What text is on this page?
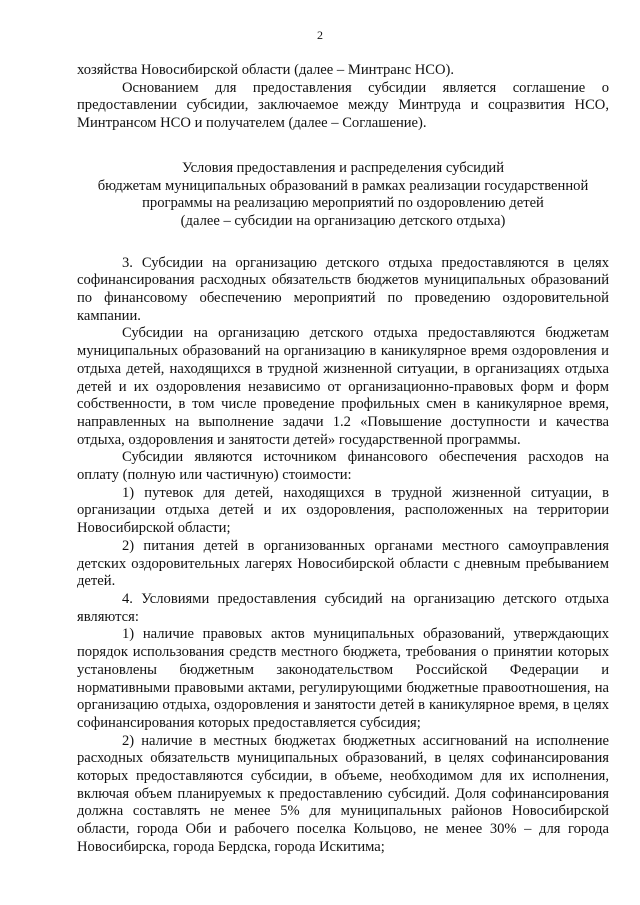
2

хозяйства Новосибирской области (далее – Минтранс НСО).

Основанием для предоставления субсидии является соглашение о предоставлении субсидии, заключаемое между Минтруда и соцразвития НСО, Минтрансом НСО и получателем (далее – Соглашение).

Условия предоставления и распределения субсидий
бюджетам муниципальных образований в рамках реализации государственной
программы на реализацию мероприятий по оздоровлению детей
(далее – субсидии на организацию детского отдыха)

3. Субсидии на организацию детского отдыха предоставляются в целях софинансирования расходных обязательств бюджетов муниципальных образований по финансовому обеспечению мероприятий по проведению оздоровительной кампании.

Субсидии на организацию детского отдыха предоставляются бюджетам муниципальных образований на организацию в каникулярное время оздоровления и отдыха детей, находящихся в трудной жизненной ситуации, в организациях отдыха детей и их оздоровления независимо от организационно-правовых форм и форм собственности, в том числе проведение профильных смен в каникулярное время, направленных на выполнение задачи 1.2 «Повышение доступности и качества отдыха, оздоровления и занятости детей» государственной программы.

Субсидии являются источником финансового обеспечения расходов на оплату (полную или частичную) стоимости:

1) путевок для детей, находящихся в трудной жизненной ситуации, в организации отдыха детей и их оздоровления, расположенных на территории Новосибирской области;

2) питания детей в организованных органами местного самоуправления детских оздоровительных лагерях Новосибирской области с дневным пребыванием детей.

4. Условиями предоставления субсидий на организацию детского отдыха являются:

1) наличие правовых актов муниципальных образований, утверждающих порядок использования средств местного бюджета, требования о принятии которых установлены бюджетным законодательством Российской Федерации и нормативными правовыми актами, регулирующими бюджетные правоотношения, на организацию отдыха, оздоровления и занятости детей в каникулярное время, в целях софинансирования которых предоставляется субсидия;

2) наличие в местных бюджетах бюджетных ассигнований на исполнение расходных обязательств муниципальных образований, в целях софинансирования которых предоставляются субсидии, в объеме, необходимом для их исполнения, включая объем планируемых к предоставлению субсидий. Доля софинансирования должна составлять не менее 5% для муниципальных районов Новосибирской области, города Оби и рабочего поселка Кольцово, не менее 30% – для города Новосибирска, города Бердска, города Искитима;
